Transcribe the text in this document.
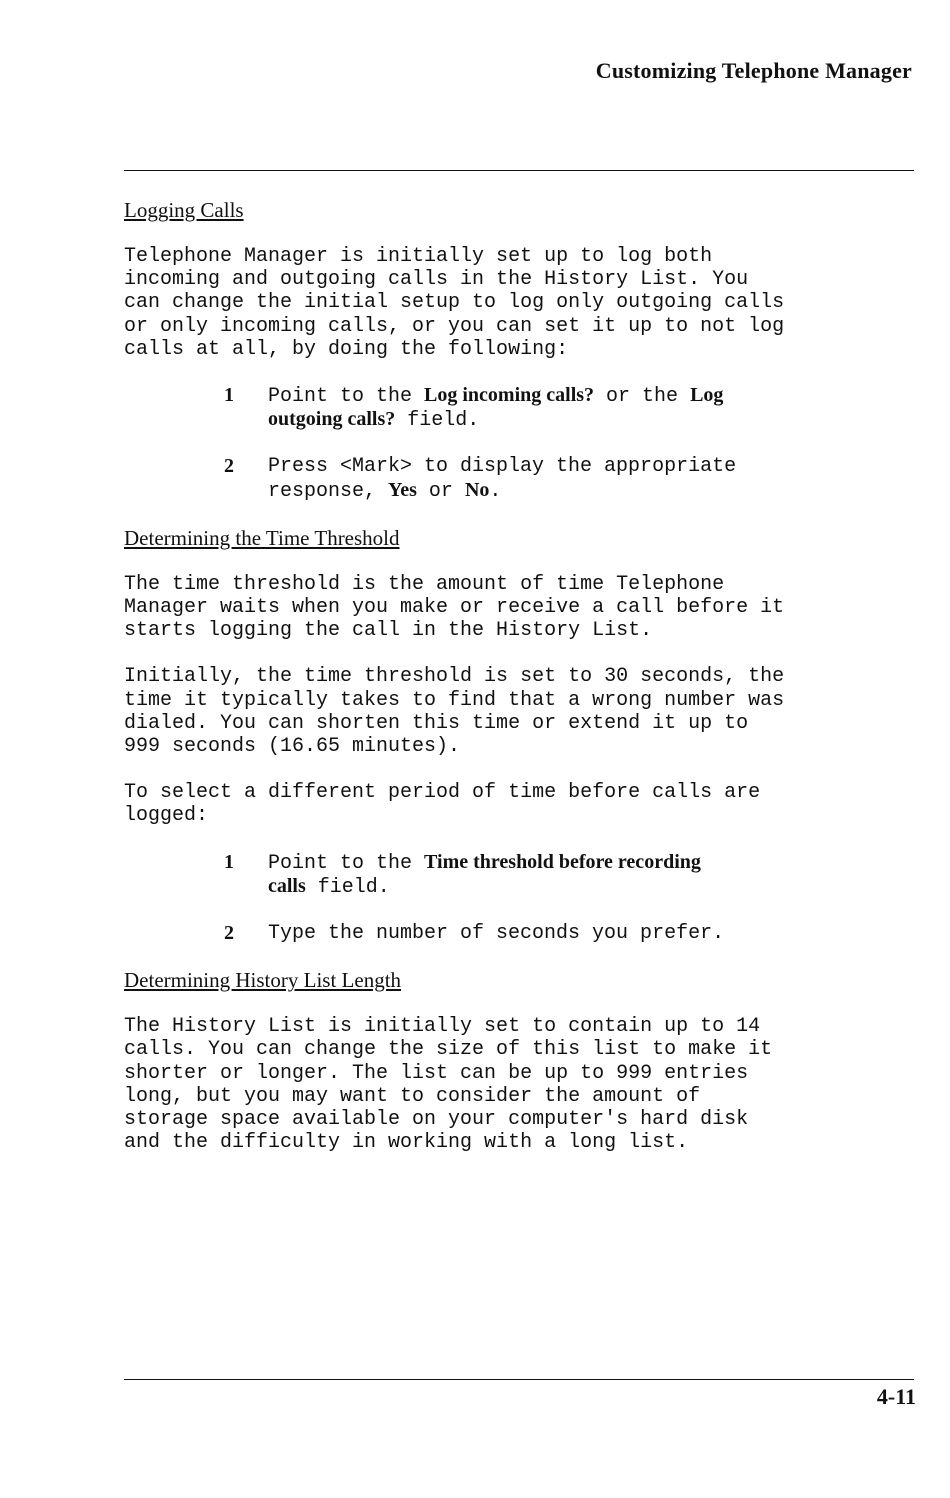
Customizing Telephone Manager
Logging Calls

Telephone Manager is initially set up to log both
incoming and outgoing calls in the History List. You
can change the initial setup to log only outgoing calls
or only incoming calls, or you can set it up to not log
calls at all, by doing the following:

1 Point to the Log incoming calls? or the Log
outgoing calls? field.
2 Press <Mark> to display the appropriate
response, Yes or No.
Determining the Time Threshold

The time threshold is the amount of time Telephone
Manager waits when you make or receive a call before it
starts logging the call in the History List.

Initially, the time threshold is set to 30 seconds, the
time it typically takes to find that a wrong number was
dialed. You can shorten this time or extend it up to
999 seconds (16.65 minutes).

To select a different period of time before calls are
logged:

1 Point to the Time threshold before recording
calls field.
2 Type the number of seconds you prefer.
Determining History List Length

The History List is initially set to contain up to 14
calls. You can change the size of this list to make it
shorter or longer. The list can be up to 999 entries
long, but you may want to consider the amount of
storage space available on your computer's hard disk
and the difficulty in working with a long list.

4-11
